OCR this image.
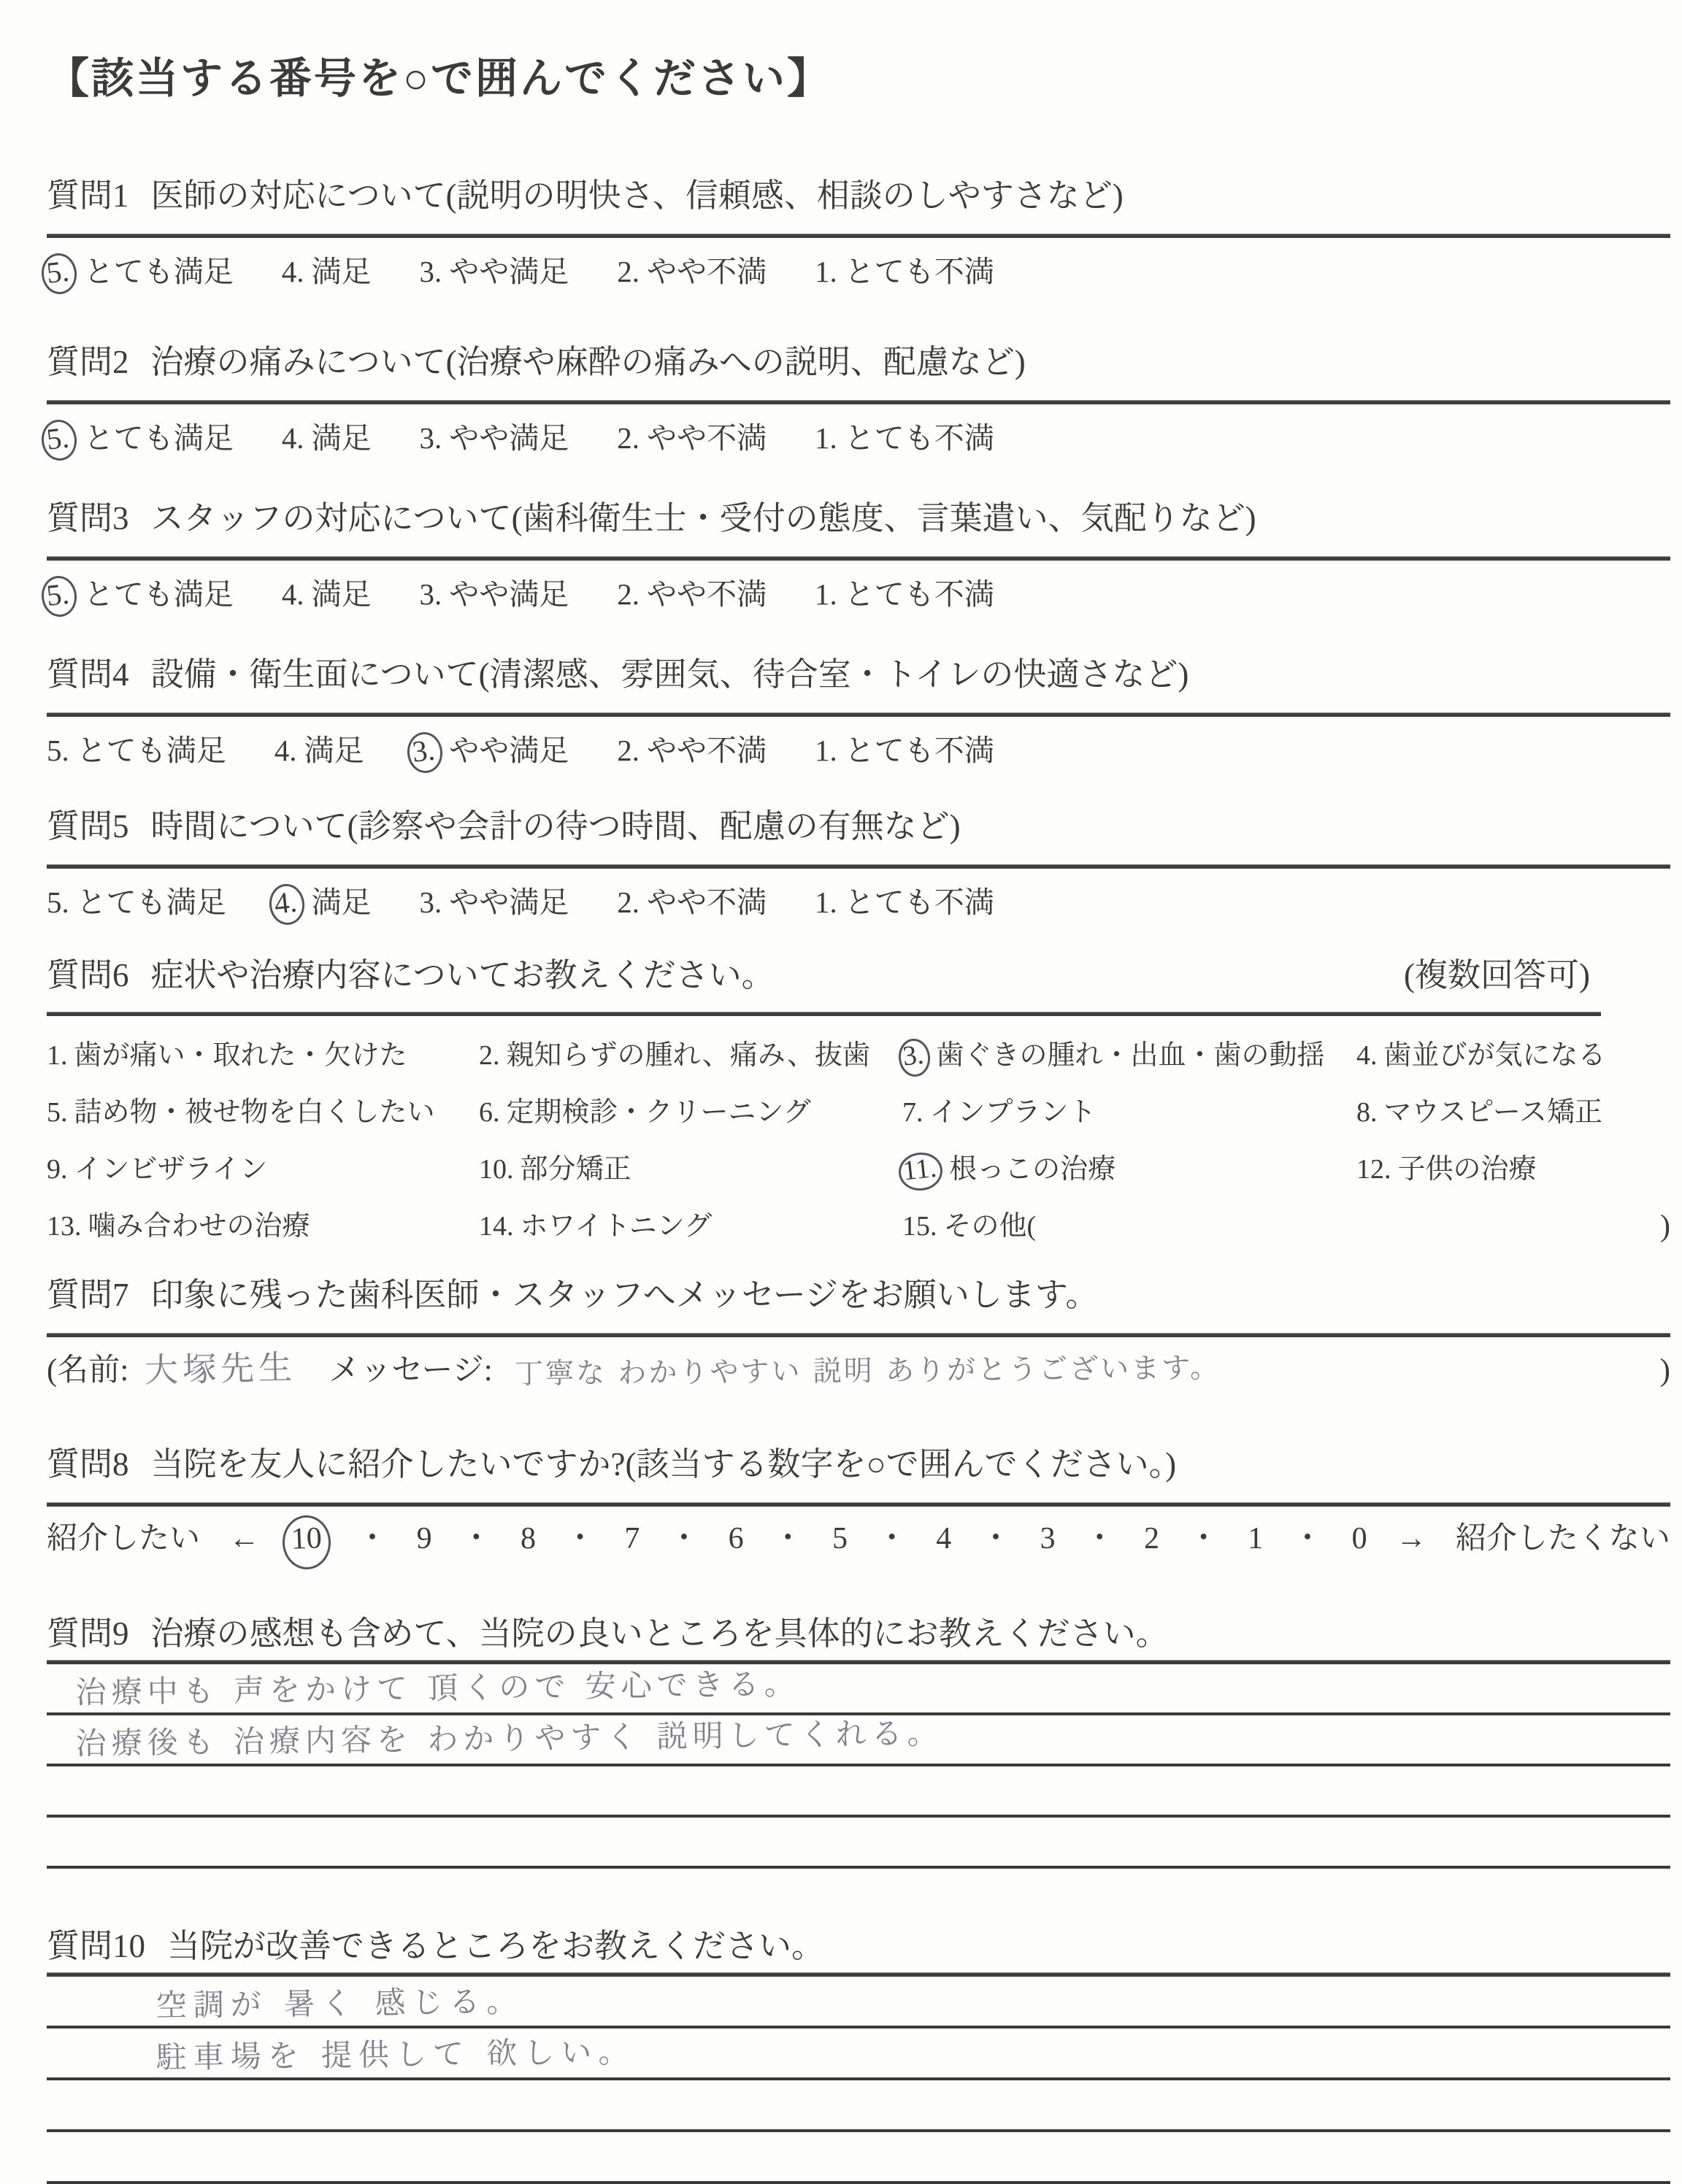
【該当する番号を○で囲んでください】
質問1 医師の対応について(説明の明快さ、信頼感、相談のしやすさなど)
5. とても満足 4. 満足 3. やや満足 2. やや不満 1. とても不満
質問2 治療の痛みについて(治療や麻酔の痛みへの説明、配慮など)
5. とても満足 4. 満足 3. やや満足 2. やや不満 1. とても不満
質問3 スタッフの対応について(歯科衛生士・受付の態度、言葉遣い、気配りなど)
5. とても満足 4. 満足 3. やや満足 2. やや不満 1. とても不満
質問4 設備・衛生面について(清潔感、雰囲気、待合室・トイレの快適さなど)
5. とても満足 4. 満足 3. やや満足 2. やや不満 1. とても不満
質問5 時間について(診察や会計の待つ時間、配慮の有無など)
5. とても満足 4. 満足 3. やや満足 2. やや不満 1. とても不満
質問6 症状や治療内容についてお教えください。	(複数回答可)
1. 歯が痛い・取れた・欠けた	2. 親知らずの腫れ、痛み、抜歯	3. 歯ぐきの腫れ・出血・歯の動揺	4. 歯並びが気になる
5. 詰め物・被せ物を白くしたい	6. 定期検診・クリーニング	7. インプラント	8. マウスピース矯正
9. インビザライン	10. 部分矯正	11. 根っこの治療	12. 子供の治療
13. 噛み合わせの治療	14. ホワイトニング	15. その他(	)
質問7 印象に残った歯科医師・スタッフへメッセージをお願いします。
(名前: 大塚先生 メッセージ: 丁寧な わかりやすい 説明 ありがとうございます。	)
質問8 当院を友人に紹介したいですか?(該当する数字を○で囲んでください。)
紹介したい ← 10	・ 9 ・ 8 ・ 7 ・ 6 ・ 5 ・ 4 ・ 3 ・ 2 ・ 1 ・ 0 → 紹介したくない
質問9 治療の感想も含めて、当院の良いところを具体的にお教えください。
治療中も 声をかけて 頂くので 安心できる。
治療後も 治療内容を わかりやすく 説明してくれる。
質問10 当院が改善できるところをお教えください。
空調が 暑く 感じる。
駐車場を 提供して 欲しい。
